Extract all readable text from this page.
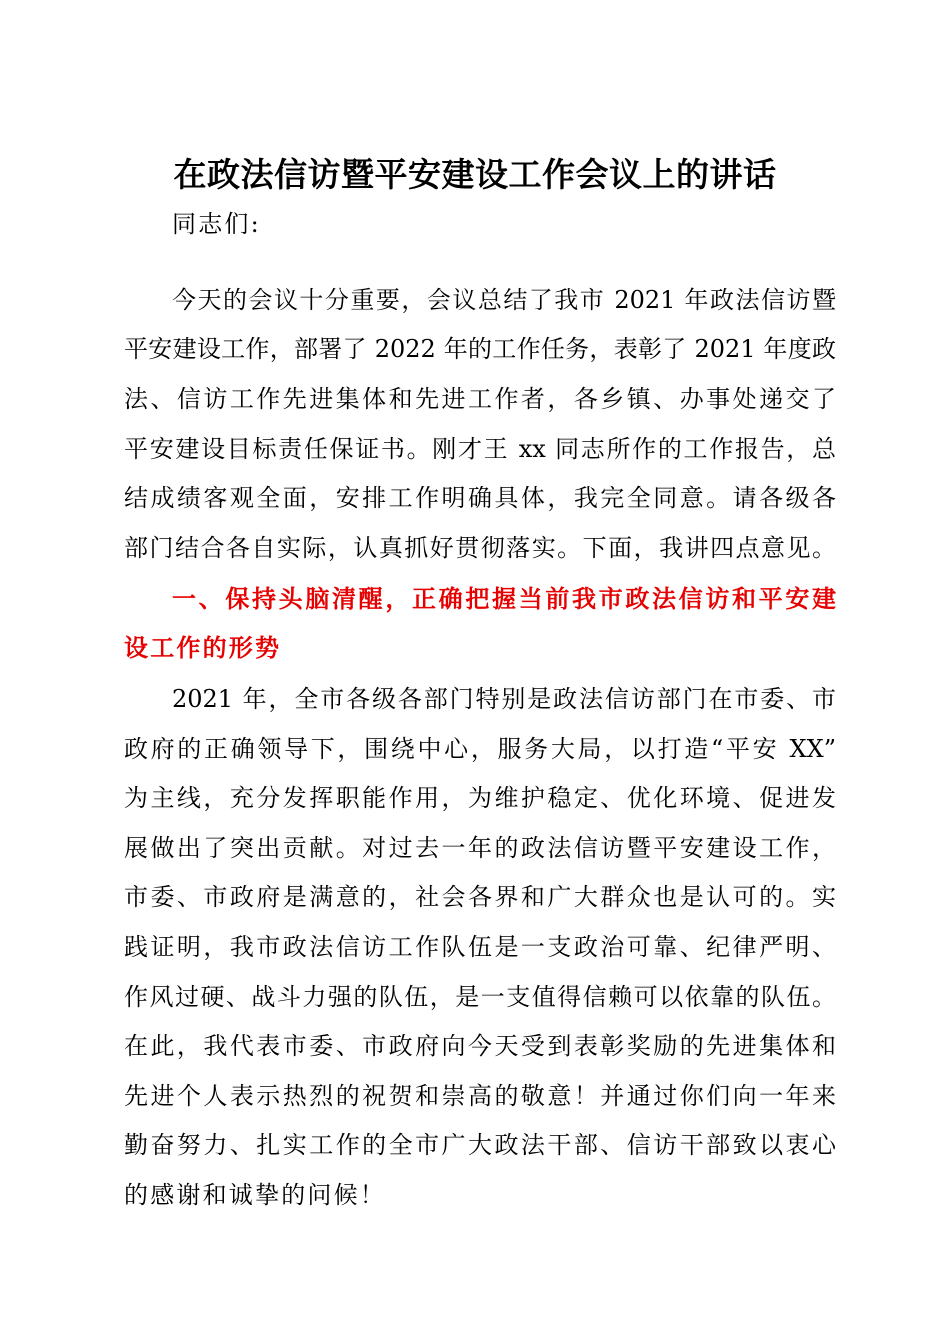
在政法信访暨平安建设工作会议上的讲话
同志们:
今天的会议十分重要，会议总结了我市 2021 年政法信访暨
平安建设工作，部署了 2022 年的工作任务，表彰了 2021 年度政
法、信访工作先进集体和先进工作者，各乡镇、办事处递交了
平安建设目标责任保证书。刚才王 xx 同志所作的工作报告，总
结成绩客观全面，安排工作明确具体，我完全同意。请各级各
部门结合各自实际，认真抓好贯彻落实。下面，我讲四点意见。
一、保持头脑清醒，正确把握当前我市政法信访和平安建
设工作的形势
2021 年，全市各级各部门特别是政法信访部门在市委、市
政府的正确领导下，围绕中心，服务大局，以打造“平安 XX”
为主线，充分发挥职能作用，为维护稳定、优化环境、促进发
展做出了突出贡献。对过去一年的政法信访暨平安建设工作，
市委、市政府是满意的，社会各界和广大群众也是认可的。实
践证明，我市政法信访工作队伍是一支政治可靠、纪律严明、
作风过硬、战斗力强的队伍，是一支值得信赖可以依靠的队伍。
在此，我代表市委、市政府向今天受到表彰奖励的先进集体和
先进个人表示热烈的祝贺和崇高的敬意！并通过你们向一年来
勤奋努力、扎实工作的全市广大政法干部、信访干部致以衷心
的感谢和诚挚的问候！
